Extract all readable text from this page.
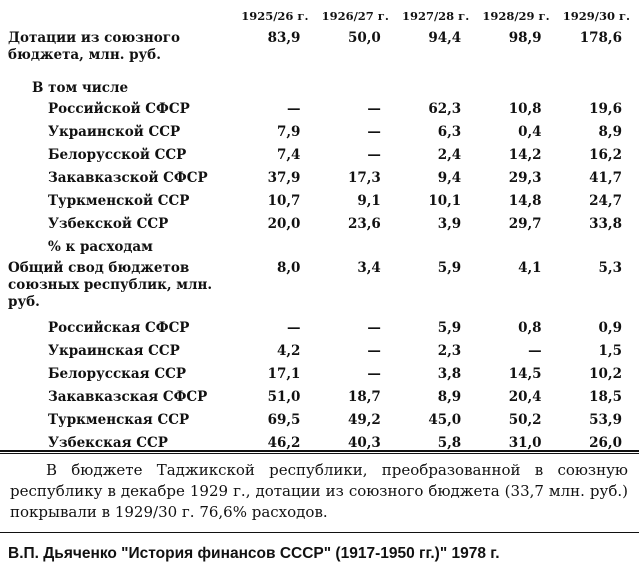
	1925/26 г.	1926/27 г.	1927/28 г.	1928/29 г.	1929/30 г.
Дотации из союзного бюджета, млн. руб.	83,9	50,0	94,4	98,9	178,6
В том числе					
Российской СФСР	—	—	62,3	10,8	19,6
Украинской ССР	7,9	—	6,3	0,4	8,9
Белорусской ССР	7,4	—	2,4	14,2	16,2
Закавказской СФСР	37,9	17,3	9,4	29,3	41,7
Туркменской ССР	10,7	9,1	10,1	14,8	24,7
Узбекской ССР	20,0	23,6	3,9	29,7	33,8
% к расходам					
Общий свод бюджетов союзных республик, млн. руб.	8,0	3,4	5,9	4,1	5,3
Российская СФСР	—	—	5,9	0,8	0,9
Украинская ССР	4,2	—	2,3	—	1,5
Белорусская ССР	17,1	—	3,8	14,5	10,2
Закавказская СФСР	51,0	18,7	8,9	20,4	18,5
Туркменская ССР	69,5	49,2	45,0	50,2	53,9
Узбекская ССР	46,2	40,3	5,8	31,0	26,0

В бюджете Таджикской республики, преобразованной в союзную республику в декабре 1929 г., дотации из союзного бюджета (33,7 млн. руб.) покрывали в 1929/30 г. 76,6% расходов.

В.П. Дьяченко "История финансов СССР" (1917-1950 гг.)" 1978 г.
